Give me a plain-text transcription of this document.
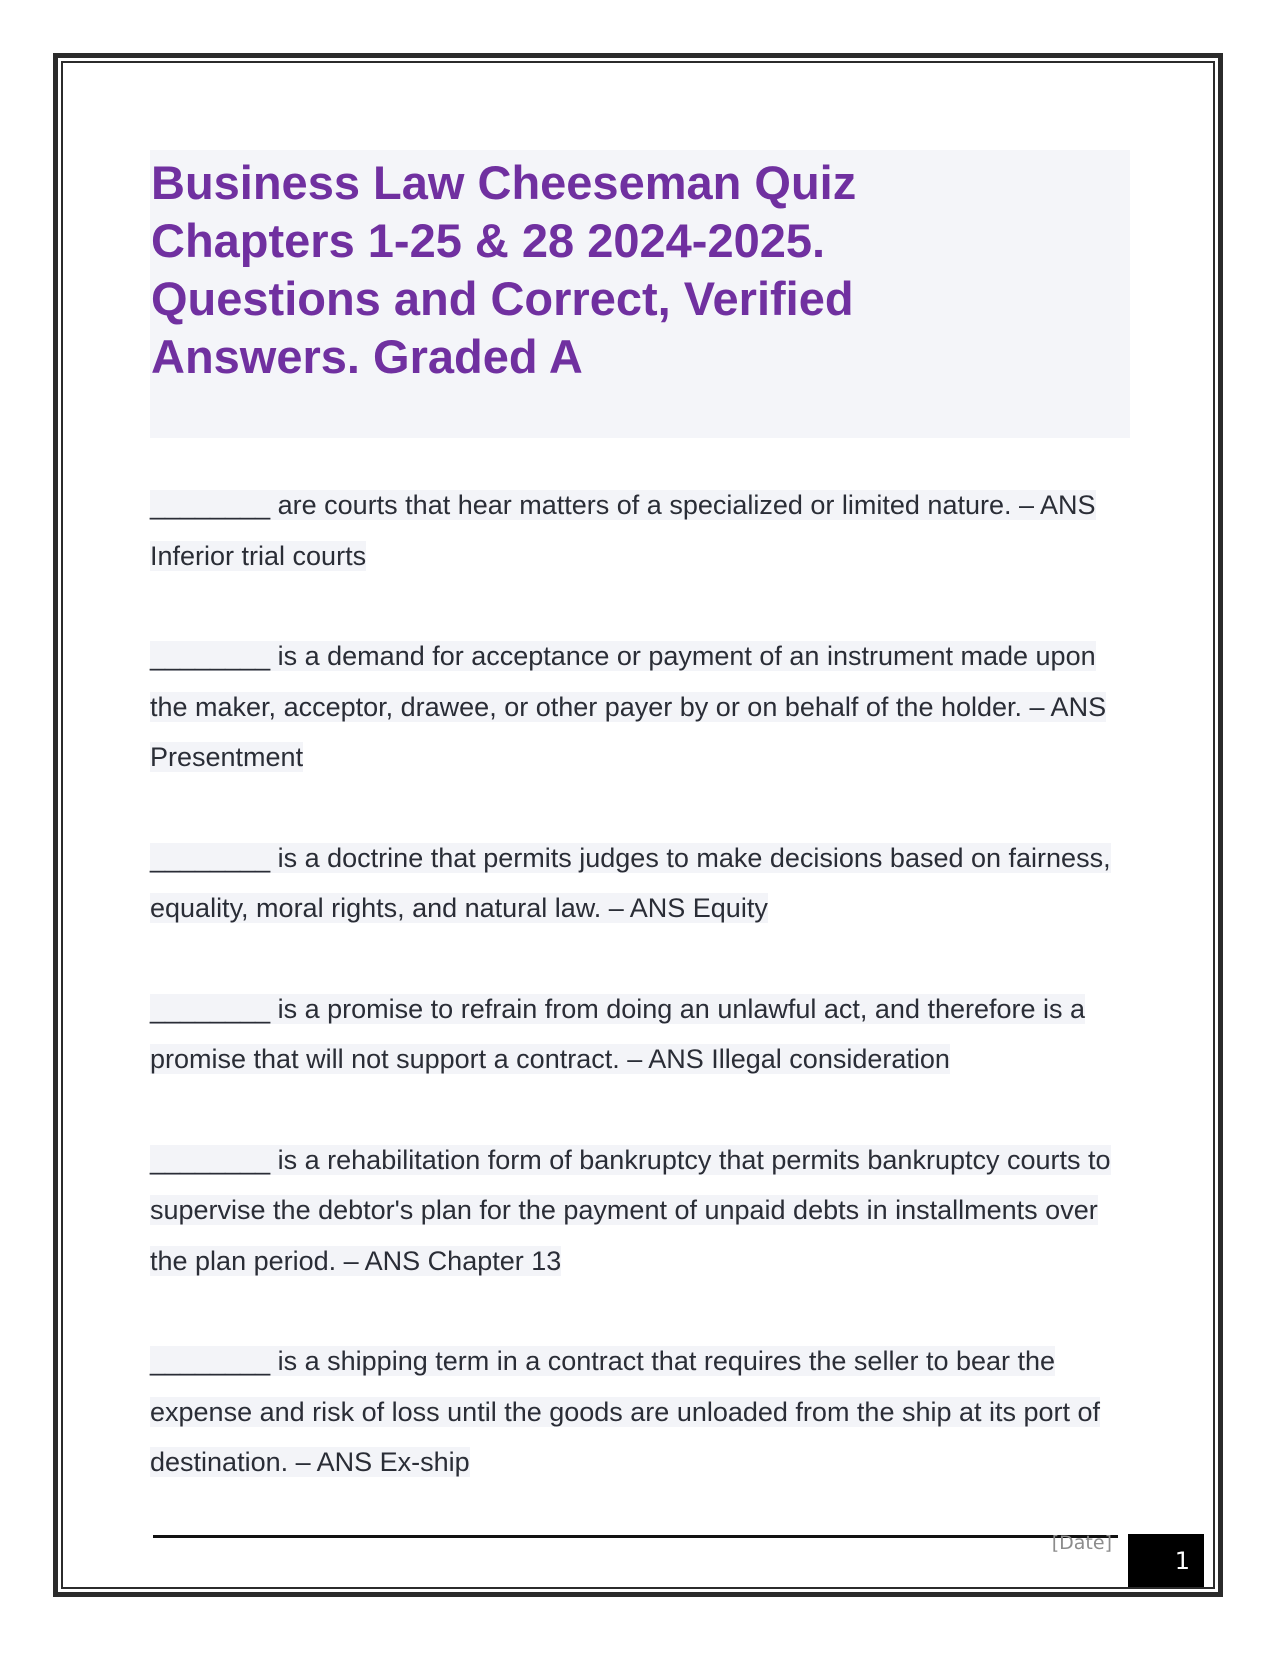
Business Law Cheeseman Quiz Chapters 1-25 & 28 2024-2025. Questions and Correct, Verified Answers. Graded A

________ are courts that hear matters of a specialized or limited nature. – ANS Inferior trial courts

________ is a demand for acceptance or payment of an instrument made upon the maker, acceptor, drawee, or other payer by or on behalf of the holder. – ANS Presentment

________ is a doctrine that permits judges to make decisions based on fairness, equality, moral rights, and natural law. – ANS Equity

________ is a promise to refrain from doing an unlawful act, and therefore is a promise that will not support a contract. – ANS Illegal consideration

________ is a rehabilitation form of bankruptcy that permits bankruptcy courts to supervise the debtor's plan for the payment of unpaid debts in installments over the plan period. – ANS Chapter 13

________ is a shipping term in a contract that requires the seller to bear the expense and risk of loss until the goods are unloaded from the ship at its port of destination. – ANS Ex-ship

[Date]
1
